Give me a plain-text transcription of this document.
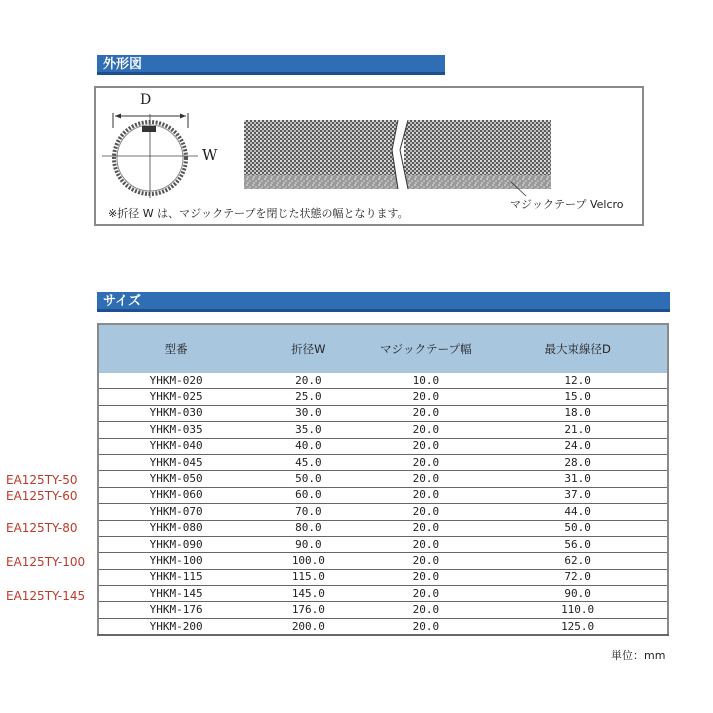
外形図
D
W
マジックテープ Velcro
※折径 W は、マジックテープを閉じた状態の幅となります。
サイズ
型番	折径W	マジックテープ幅	最大束線径D
YHKM-020	20.0	10.0	12.0
YHKM-025	25.0	20.0	15.0
YHKM-030	30.0	20.0	18.0
YHKM-035	35.0	20.0	21.0
YHKM-040	40.0	20.0	24.0
YHKM-045	45.0	20.0	28.0
YHKM-050	50.0	20.0	31.0
YHKM-060	60.0	20.0	37.0
YHKM-070	70.0	20.0	44.0
YHKM-080	80.0	20.0	50.0
YHKM-090	90.0	20.0	56.0
YHKM-100	100.0	20.0	62.0
YHKM-115	115.0	20.0	72.0
YHKM-145	145.0	20.0	90.0
YHKM-176	176.0	20.0	110.0
YHKM-200	200.0	20.0	125.0
EA125TY-50
EA125TY-60
EA125TY-80
EA125TY-100
EA125TY-145
単位：mm
